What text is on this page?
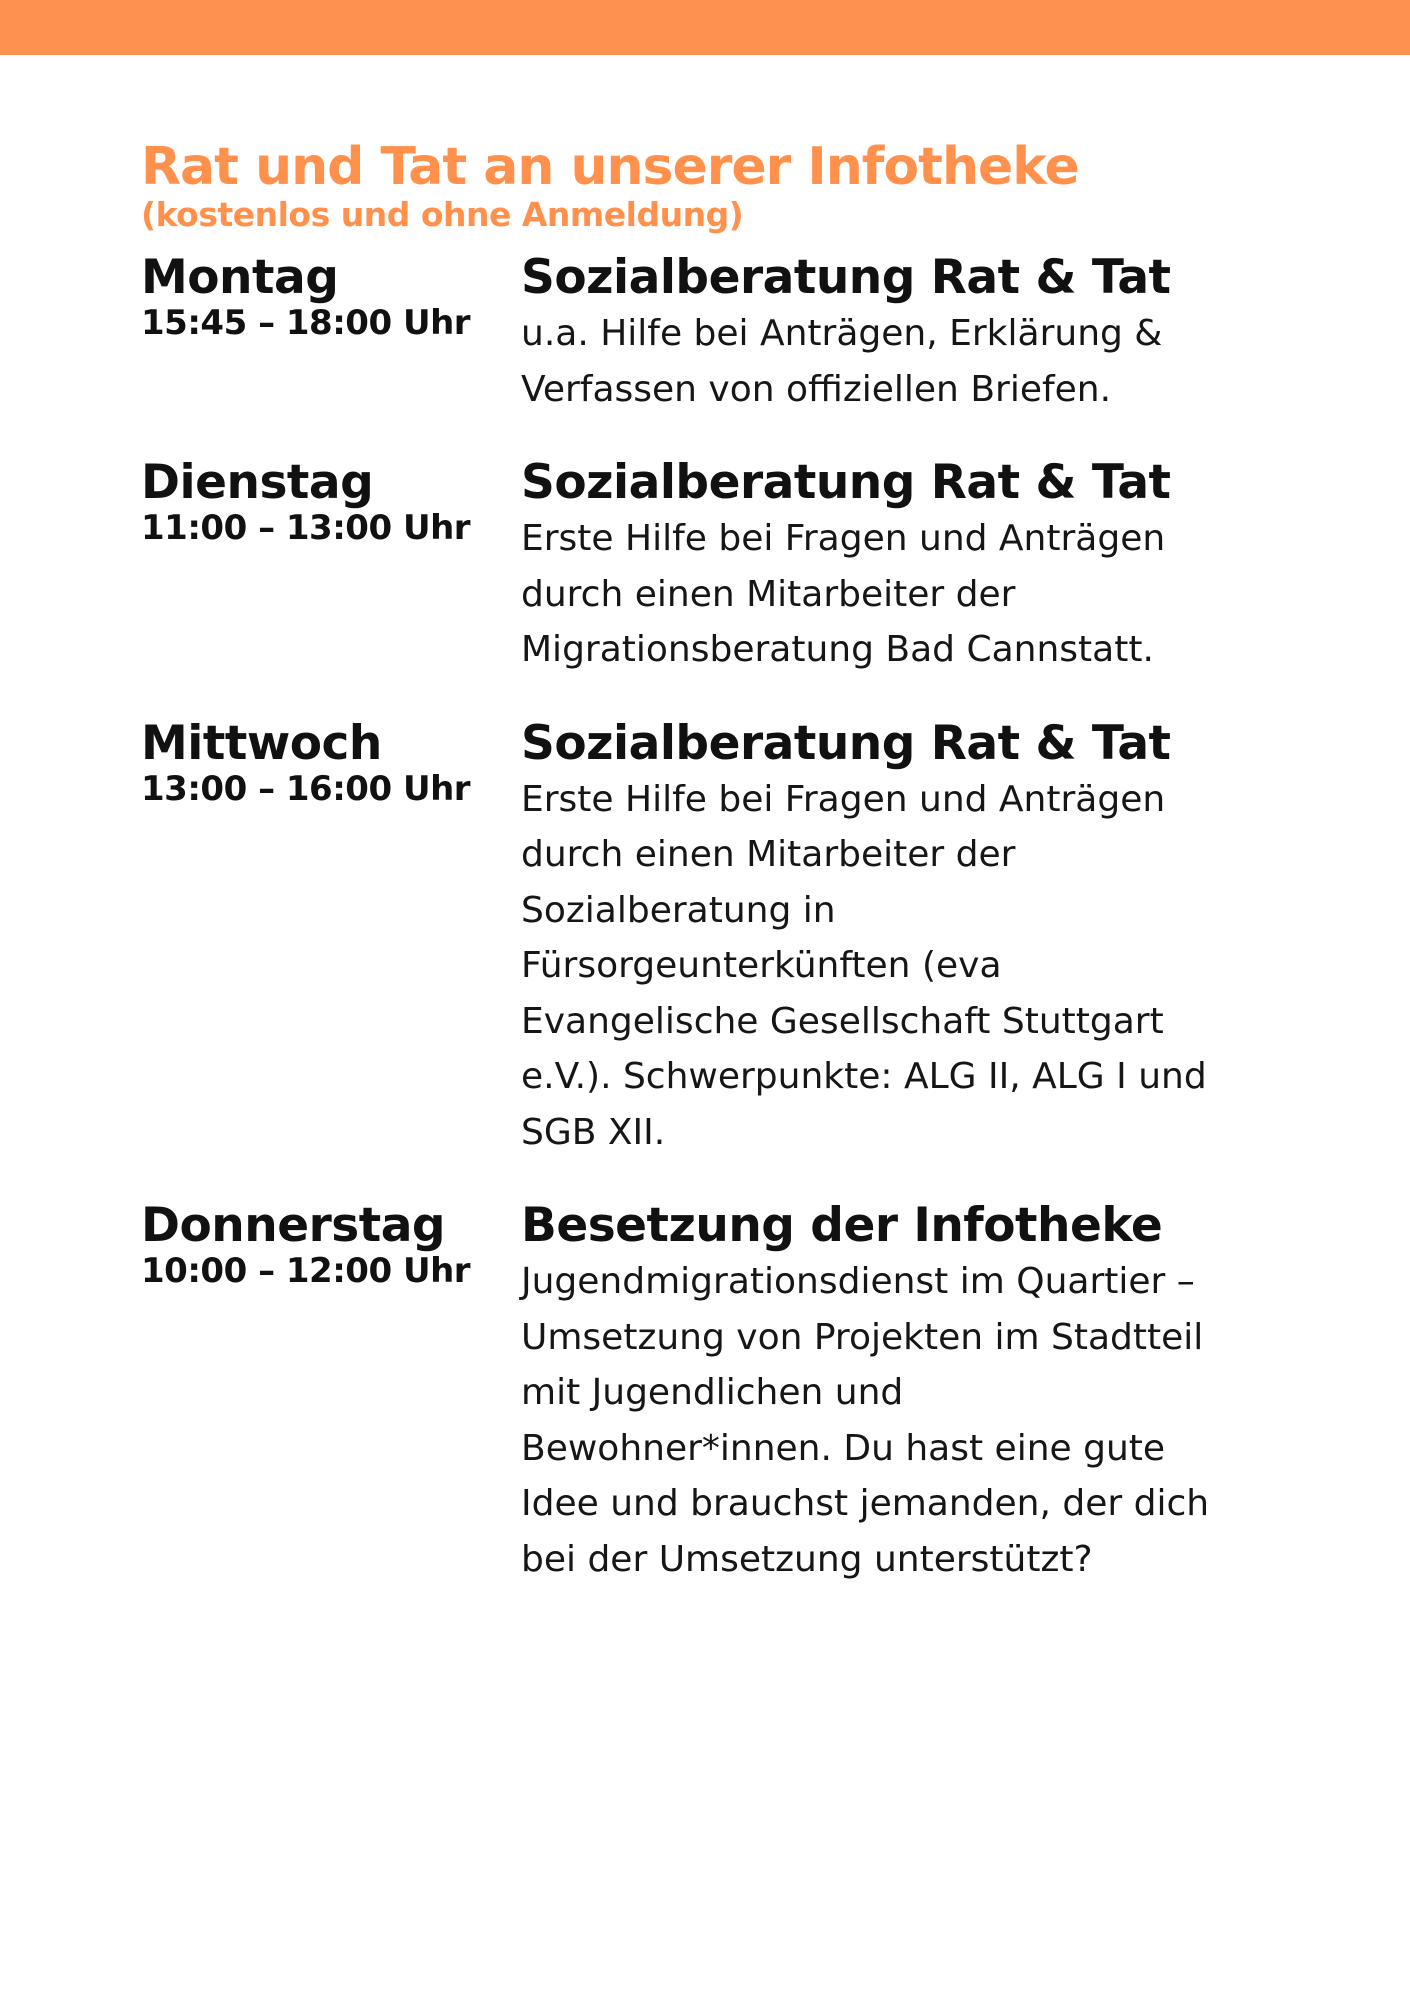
Rat und Tat an unserer Infotheke
(kostenlos und ohne Anmeldung)
Montag
15:45 – 18:00 Uhr
Sozialberatung Rat & Tat
u.a. Hilfe bei Anträgen, Erklärung &
Verfassen von offiziellen Briefen.
Dienstag
11:00 – 13:00 Uhr
Sozialberatung Rat & Tat
Erste Hilfe bei Fragen und Anträgen
durch einen Mitarbeiter der
Migrationsberatung Bad Cannstatt.
Mittwoch
13:00 – 16:00 Uhr
Sozialberatung Rat & Tat
Erste Hilfe bei Fragen und Anträgen
durch einen Mitarbeiter der
Sozialberatung in
Fürsorgeunterkünften (eva
Evangelische Gesellschaft Stuttgart
e.V.). Schwerpunkte: ALG II, ALG I und
SGB XII.
Donnerstag
10:00 – 12:00 Uhr
Besetzung der Infotheke
Jugendmigrationsdienst im Quartier –
Umsetzung von Projekten im Stadtteil
mit Jugendlichen und
Bewohner*innen. Du hast eine gute
Idee und brauchst jemanden, der dich
bei der Umsetzung unterstützt?
